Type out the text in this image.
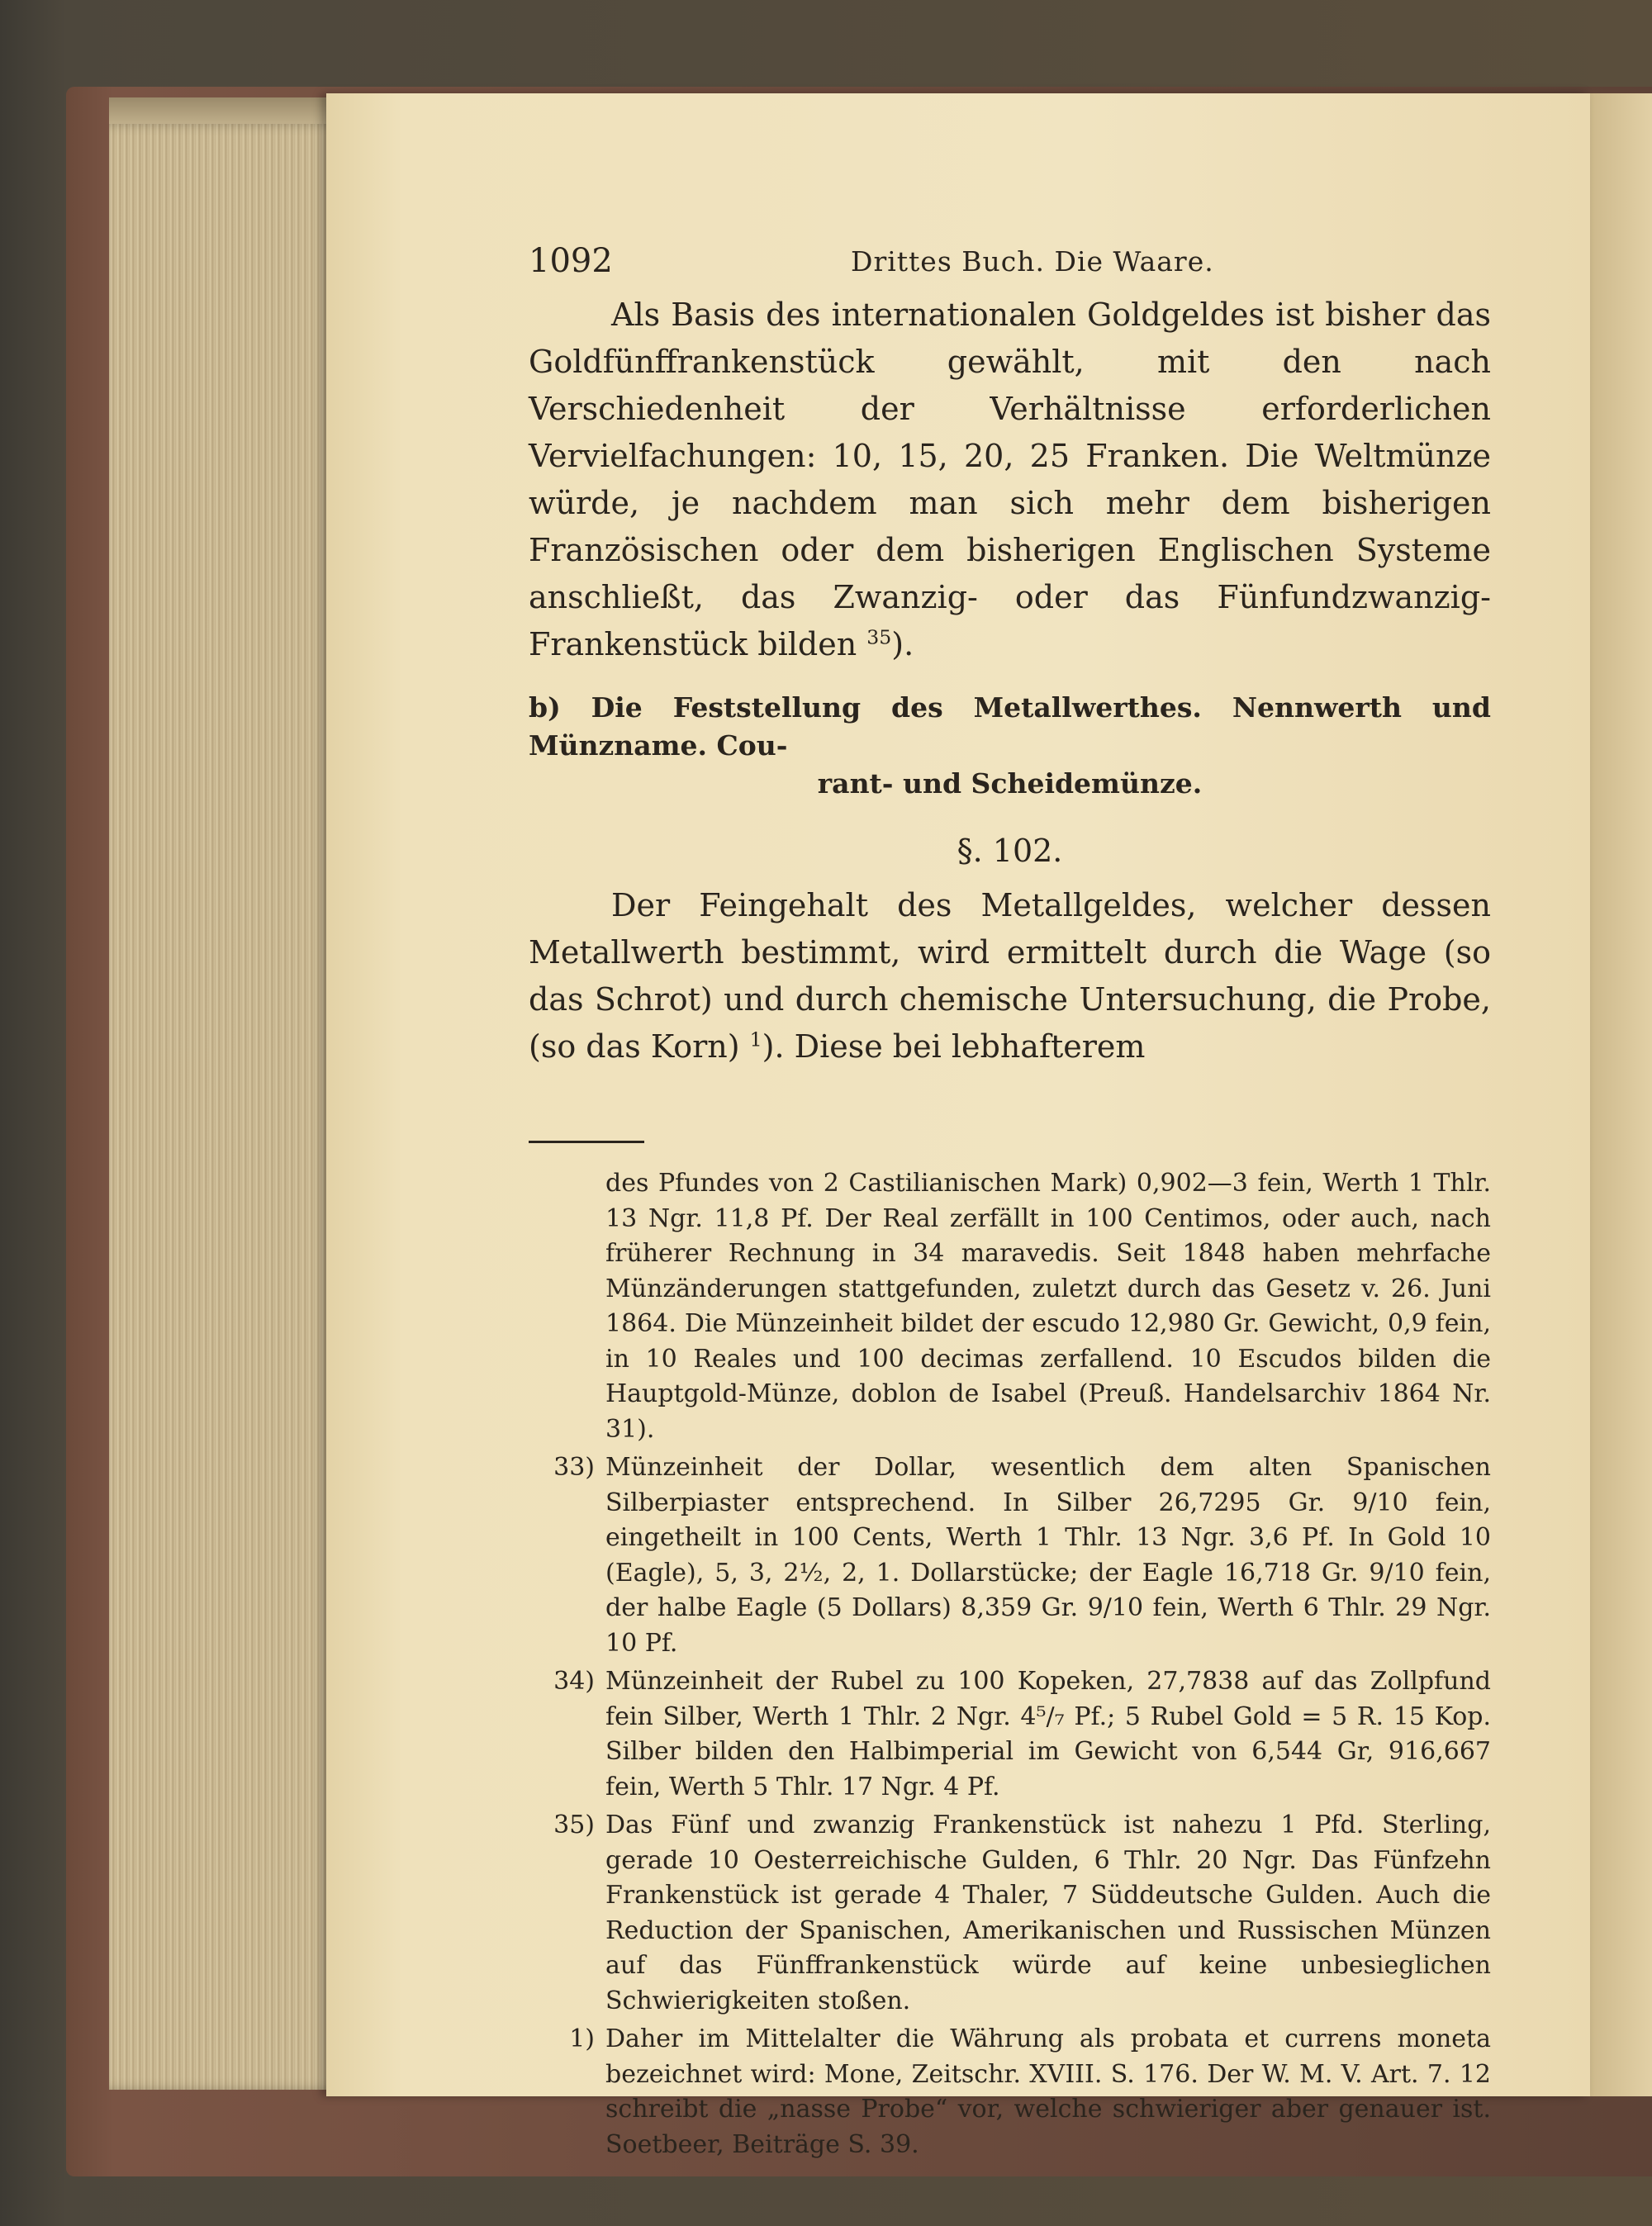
1092	Drittes Buch. Die Waare.

Als Basis des internationalen Goldgeldes ist bisher das Goldfünffrankenstück gewählt, mit den nach Verschiedenheit der Verhältnisse erforderlichen Vervielfachungen: 10, 15, 20, 25 Franken. Die Weltmünze würde, je nachdem man sich mehr dem bisherigen Französischen oder dem bisherigen Englischen Systeme anschließt, das Zwanzig- oder das Fünfundzwanzig-Frankenstück bilden $^{35}$).

b) Die Feststellung des Metallwerthes. Nennwerth und Münzname. Cou-
rant- und Scheidemünze.

§. 102.

Der Feingehalt des Metallgeldes, welcher dessen Metallwerth bestimmt, wird ermittelt durch die Wage (so das Schrot) und durch chemische Untersuchung, die Probe, (so das Korn) $^1$). Diese bei lebhafterem

des Pfundes von 2 Castilianischen Mark) 0,902—3 fein, Werth 1 Thlr. 13 Ngr. 11,8 Pf. Der Real zerfällt in 100 Centimos, oder auch, nach früherer Rechnung in 34 maravedis. Seit 1848 haben mehrfache Münzänderungen stattgefunden, zuletzt durch das Gesetz v. 26. Juni 1864. Die Münzeinheit bildet der escudo 12,980 Gr. Gewicht, 0,9 fein, in 10 Reales und 100 decimas zerfallend. 10 Escudos bilden die Hauptgold-Münze, doblon de Isabel (Preuß. Handelsarchiv 1864 Nr. 31).

33) Münzeinheit der Dollar, wesentlich dem alten Spanischen Silberpiaster entsprechend. In Silber 26,7295 Gr. 9/10 fein, eingetheilt in 100 Cents, Werth 1 Thlr. 13 Ngr. 3,6 Pf. In Gold 10 (Eagle), 5, 3, 2½, 2, 1. Dollarstücke; der Eagle 16,718 Gr. 9/10 fein, der halbe Eagle (5 Dollars) 8,359 Gr. 9/10 fein, Werth 6 Thlr. 29 Ngr. 10 Pf.

34) Münzeinheit der Rubel zu 100 Kopeken, 27,7838 auf das Zollpfund fein Silber, Werth 1 Thlr. 2 Ngr. 4⁵/₇ Pf.; 5 Rubel Gold = 5 R. 15 Kop. Silber bilden den Halbimperial im Gewicht von 6,544 Gr, 916,667 fein, Werth 5 Thlr. 17 Ngr. 4 Pf.

35) Das Fünf und zwanzig Frankenstück ist nahezu 1 Pfd. Sterling, gerade 10 Oesterreichische Gulden, 6 Thlr. 20 Ngr. Das Fünfzehn Frankenstück ist gerade 4 Thaler, 7 Süddeutsche Gulden. Auch die Reduction der Spanischen, Amerikanischen und Russischen Münzen auf das Fünffrankenstück würde auf keine unbesieglichen Schwierigkeiten stoßen.

1) Daher im Mittelalter die Währung als probata et currens moneta bezeichnet wird: Mone, Zeitschr. XVIII. S. 176. Der W. M. V. Art. 7. 12 schreibt die „nasse Probe“ vor, welche schwieriger aber genauer ist. Soetbeer, Beiträge S. 39.
